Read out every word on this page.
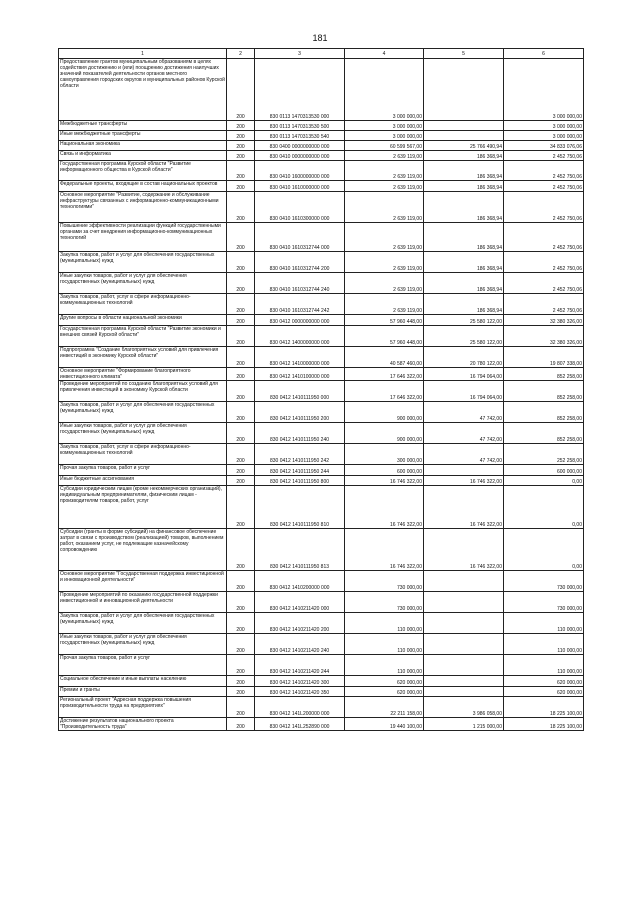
181
1	2	3	4	5	6
Предоставление грантов муниципальным образованиям в целях содействия достижению и (или) поощрению достижения наилучших значений показателей деятельности органов местного самоуправления городских округов и муниципальных районов Курской области	200	830 0113 1470313530 000	3 000 000,00		3 000 000,00
Межбюджетные трансферты	200	830 0113 1470313530 500	3 000 000,00		3 000 000,00
Иные межбюджетные трансферты	200	830 0113 1470313530 540	3 000 000,00		3 000 000,00
Национальная экономика	200	830 0400 0000000000 000	60 599 567,00	25 766 490,94	34 833 076,06
Связь и информатика	200	830 0410 0000000000 000	2 639 119,00	186 368,94	2 452 750,06
Государственная программа Курской области "Развитие информационного общества в Курской области"	200	830 0410 1600000000 000	2 639 119,00	186 368,94	2 452 750,06
Федеральные проекты, входящие в состав национальных проектов	200	830 0410 1610000000 000	2 639 119,00	186 368,94	2 452 750,06
Основное мероприятие "Развитие, содержание и обслуживание инфраструктуры связанных с информационно-коммуникационными технологиями"	200	830 0410 1610300000 000	2 639 119,00	186 368,94	2 452 750,06
Повышение эффективности реализации функций государственными органами за счет внедрения информационно-коммуникационных технологий	200	830 0410 1610312744 000	2 639 119,00	186 368,94	2 452 750,06
Закупка товаров, работ и услуг для обеспечения государственных (муниципальных) нужд	200	830 0410 1610312744 200	2 639 119,00	186 368,94	2 452 750,06
Иные закупки товаров, работ и услуг для обеспечения государственных (муниципальных) нужд	200	830 0410 1610312744 240	2 639 119,00	186 368,94	2 452 750,06
Закупка товаров, работ, услуг в сфере информационно-коммуникационных технологий	200	830 0410 1610312744 242	2 639 119,00	186 368,94	2 452 750,06
Другие вопросы в области национальной экономики	200	830 0412 0000000000 000	57 960 448,00	25 580 122,00	32 380 326,00
Государственная программа Курской области "Развитие экономики и внешних связей Курской области"	200	830 0412 1400000000 000	57 960 448,00	25 580 122,00	32 380 326,00
Подпрограмма "Создание благоприятных условий для привлечения инвестиций в экономику Курской области"	200	830 0412 1410000000 000	40 587 460,00	20 780 122,00	19 807 338,00
Основное мероприятие "Формирование благоприятного инвестиционного климата"	200	830 0412 1410100000 000	17 646 322,00	16 794 064,00	852 258,00
Проведение мероприятий по созданию благоприятных условий для привлечения инвестиций в экономику Курской области	200	830 0412 1410111950 000	17 646 322,00	16 794 064,00	852 258,00
Закупка товаров, работ и услуг для обеспечения государственных (муниципальных) нужд	200	830 0412 1410111950 200	900 000,00	47 742,00	852 258,00
Иные закупки товаров, работ и услуг для обеспечения государственных (муниципальных) нужд	200	830 0412 1410111950 240	900 000,00	47 742,00	852 258,00
Закупка товаров, работ, услуг в сфере информационно-коммуникационных технологий	200	830 0412 1410111950 242	300 000,00	47 742,00	252 258,00
Прочая закупка товаров, работ и услуг	200	830 0412 1410111950 244	600 000,00		600 000,00
Иные бюджетные ассигнования	200	830 0412 1410111950 800	16 746 322,00	16 746 322,00	0,00
Субсидии юридическим лицам (кроме некоммерческих организаций), индивидуальным предпринимателям, физическим лицам - производителям товаров, работ, услуг	200	830 0412 1410111950 810	16 746 322,00	16 746 322,00	0,00
Субсидии (гранты в форме субсидий) на финансовое обеспечение затрат в связи с производством (реализацией) товаров, выполнением работ, оказанием услуг, не подлежащие казначейскому сопровождению	200	830 0412 1410111950 813	16 746 322,00	16 746 322,00	0,00
Основное мероприятие "Государственная поддержка инвестиционной и инновационной деятельности"	200	830 0412 1410200000 000	730 000,00		730 000,00
Проведение мероприятий по оказанию государственной поддержки инвестиционной и инновационной деятельности	200	830 0412 1410211420 000	730 000,00		730 000,00
Закупка товаров, работ и услуг для обеспечения государственных (муниципальных) нужд	200	830 0412 1410211420 200	110 000,00		110 000,00
Иные закупки товаров, работ и услуг для обеспечения государственных (муниципальных) нужд	200	830 0412 1410211420 240	110 000,00		110 000,00
Прочая закупка товаров, работ и услуг	200	830 0412 1410211420 244	110 000,00		110 000,00
Социальное обеспечение и иные выплаты населению	200	830 0412 1410211420 300	620 000,00		620 000,00
Премии и гранты	200	830 0412 1410211420 350	620 000,00		620 000,00
Региональный проект "Адресная поддержка повышения производительности труда на предприятиях"	200	830 0412 141L200000 000	22 211 158,00	3 986 058,00	18 225 100,00
Достижение результатов национального проекта "Производительность труда"	200	830 0412 141L252890 000	19 440 100,00	1 215 000,00	18 225 100,00
